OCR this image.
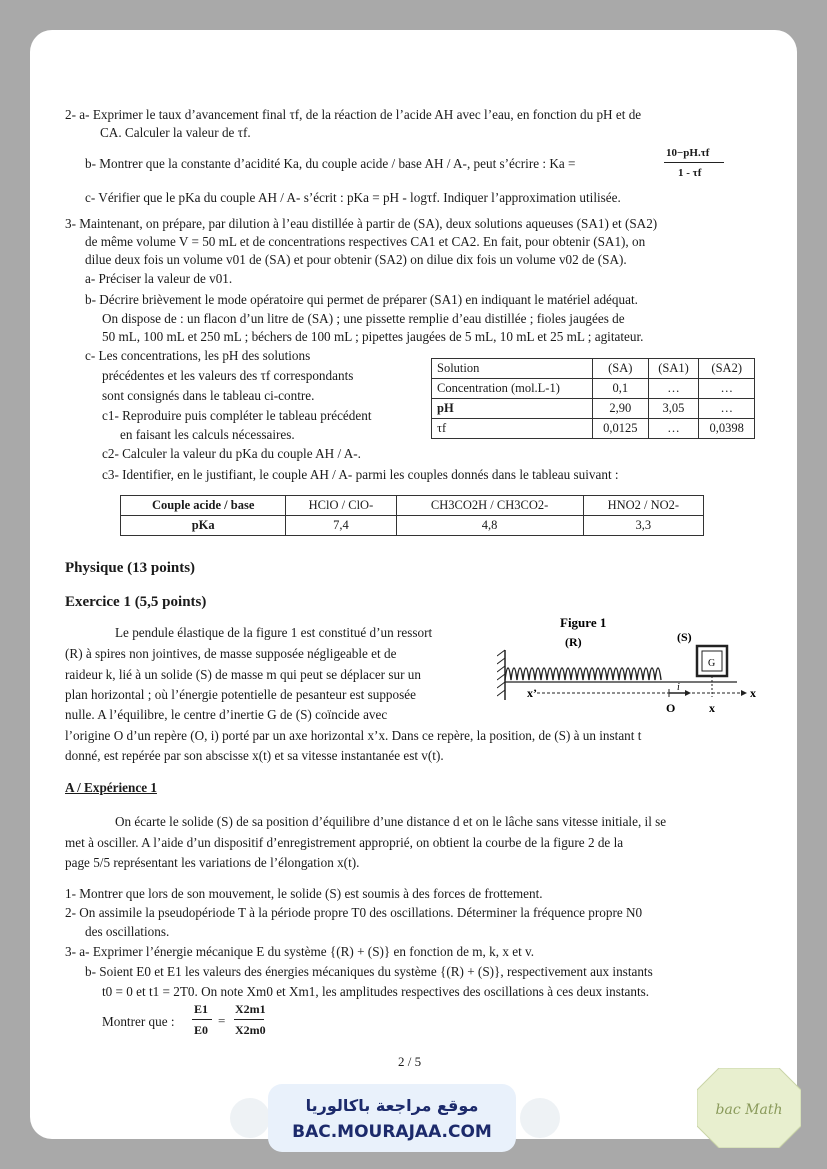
2- a- Exprimer le taux d’avancement final τf, de la réaction de l’acide AH avec l’eau, en fonction du pH et de
CA. Calculer la valeur de τf.
b- Montrer que la constante d’acidité Ka, du couple acide / base AH / A-, peut s’écrire : Ka =
10−pH.τf
1 - τf
c- Vérifier que le pKa du couple AH / A- s’écrit : pKa = pH - logτf. Indiquer l’approximation utilisée.
3- Maintenant, on prépare, par dilution à l’eau distillée à partir de (SA), deux solutions aqueuses (SA1) et (SA2)
de même volume V = 50 mL et de concentrations respectives CA1 et CA2. En fait, pour obtenir (SA1), on
dilue deux fois un volume v01 de (SA) et pour obtenir (SA2) on dilue dix fois un volume v02 de (SA).
a- Préciser la valeur de v01.
b- Décrire brièvement le mode opératoire qui permet de préparer (SA1) en indiquant le matériel adéquat.
On dispose de : un flacon d’un litre de (SA) ; une pissette remplie d’eau distillée ; fioles jaugées de
50 mL, 100 mL et 250 mL ; béchers de 100 mL ; pipettes jaugées de 5 mL, 10 mL et 25 mL ; agitateur.
c- Les concentrations, les pH des solutions
précédentes et les valeurs des τf correspondants
sont consignés dans le tableau ci-contre.
c1- Reproduire puis compléter le tableau précédent
en faisant les calculs nécessaires.
c2- Calculer la valeur du pKa du couple AH / A-.
c3- Identifier, en le justifiant, le couple AH / A- parmi les couples donnés dans le tableau suivant :
Solution	(SA)	(SA1)	(SA2)
Concentration (mol.L-1)	0,1	…	…
pH	2,90	3,05	…
τf	0,0125	…	0,0398
Couple acide / base	HClO / ClO-	CH3CO2H / CH3CO2-	HNO2 / NO2-
pKa	7,4	4,8	3,3
Physique (13 points)
Exercice 1 (5,5 points)
Le pendule élastique de la figure 1 est constitué d’un ressort
(R) à spires non jointives, de masse supposée négligeable et de
raideur k, lié à un solide (S) de masse m qui peut se déplacer sur un
plan horizontal ; où l’énergie potentielle de pesanteur est supposée
nulle. A l’équilibre, le centre d’inertie G de (S) coïncide avec
l’origine O d’un repère (O, i) porté par un axe horizontal x’x. Dans ce repère, la position, de (S) à un instant t
donné, est repérée par son abscisse x(t) et sa vitesse instantanée est v(t).
Figure 1
(R)	(S)
G
x’	x
i
O	x
A / Expérience 1
On écarte le solide (S) de sa position d’équilibre d’une distance d et on le lâche sans vitesse initiale, il se
met à osciller. A l’aide d’un dispositif d’enregistrement approprié, on obtient la courbe de la figure 2 de la
page 5/5 représentant les variations de l’élongation x(t).
1- Montrer que lors de son mouvement, le solide (S) est soumis à des forces de frottement.
2- On assimile la pseudopériode T à la période propre T0 des oscillations. Déterminer la fréquence propre N0
des oscillations.
3- a- Exprimer l’énergie mécanique E du système {(R) + (S)} en fonction de m, k, x et v.
b- Soient E0 et E1 les valeurs des énergies mécaniques du système {(R) + (S)}, respectivement aux instants
t0 = 0 et t1 = 2T0. On note Xm0 et Xm1, les amplitudes respectives des oscillations à ces deux instants.
Montrer que :
E1
E0
=
X2m1
X2m0
2 / 5
موقع مراجعة باكالوريا
BAC.MOURAJAA.COM
bac Math
